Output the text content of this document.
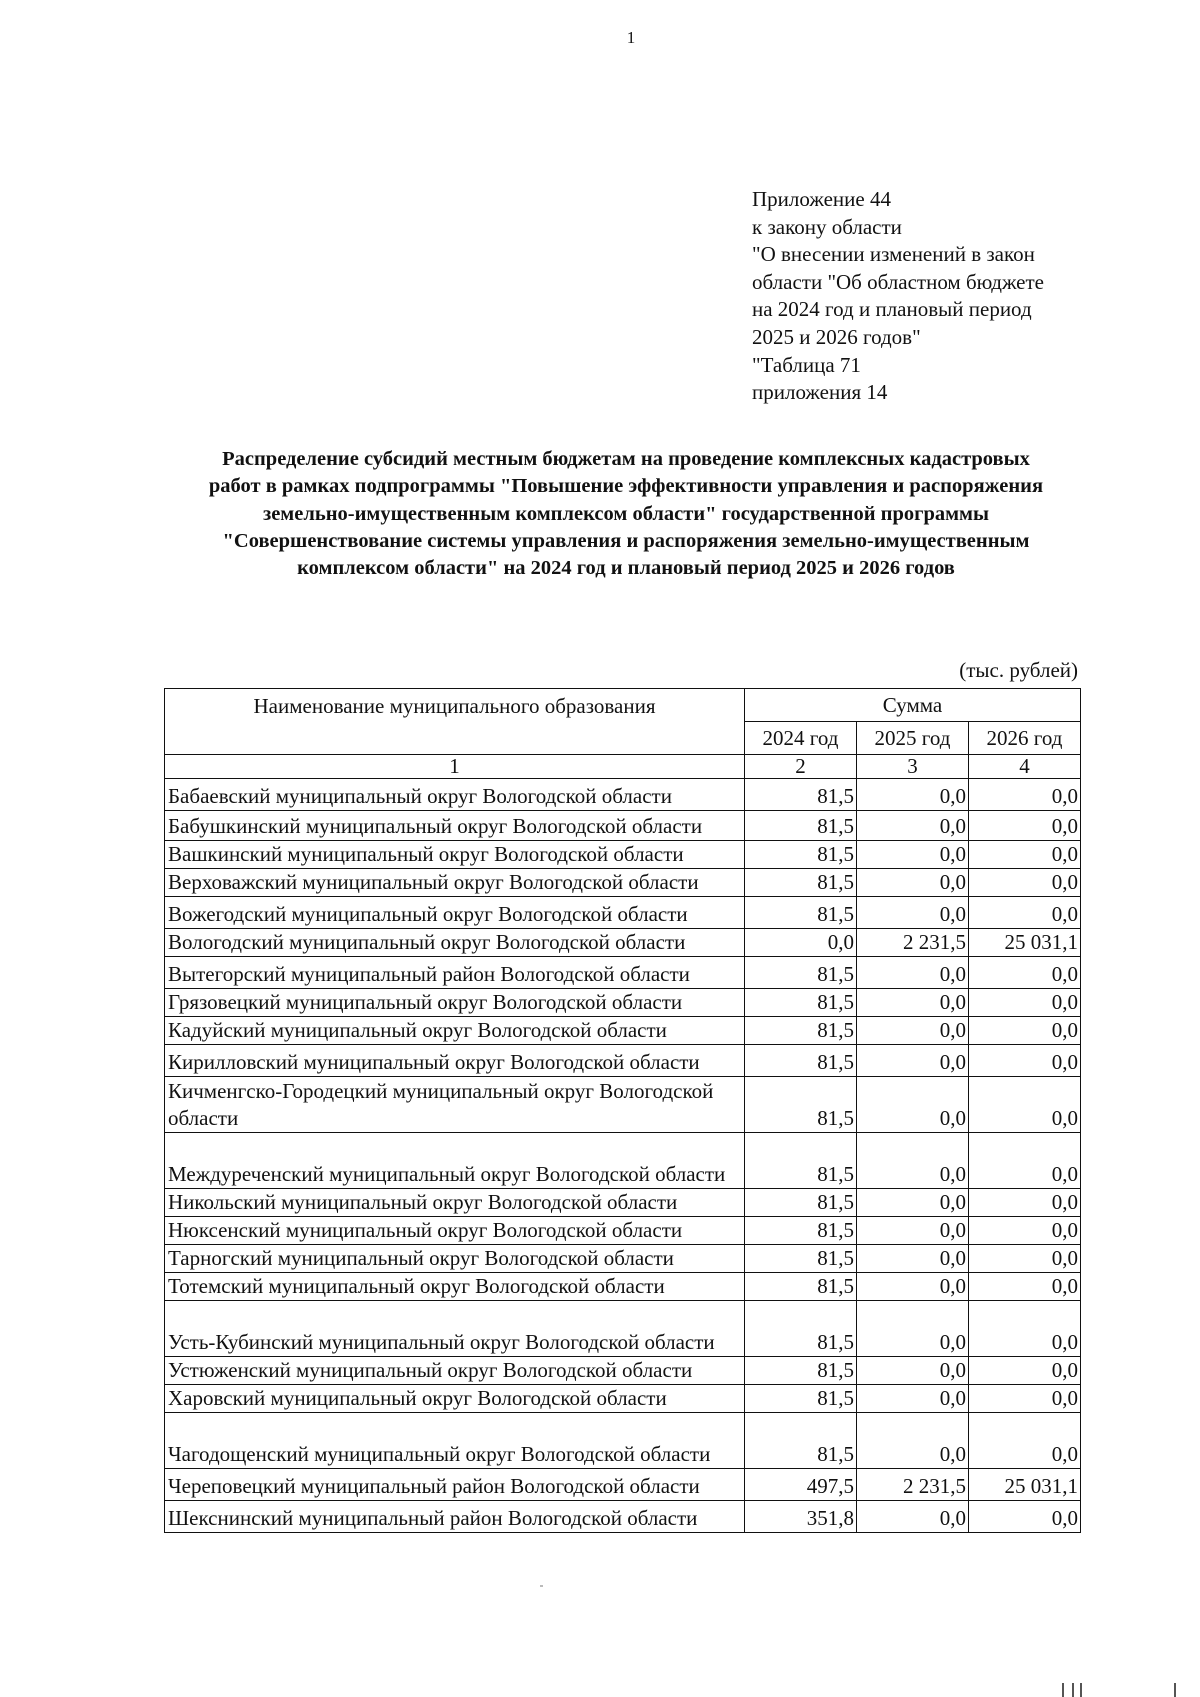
1
Приложение 44
к закону области
"О внесении изменений в закон
области "Об областном бюджете
на 2024 год и плановый период
2025 и 2026 годов"
"Таблица 71
приложения 14
Распределение субсидий местным бюджетам на проведение комплексных кадастровых
работ в рамках подпрограммы "Повышение эффективности управления и распоряжения
земельно-имущественным комплексом области" государственной программы
"Совершенствование системы управления и распоряжения земельно-имущественным
комплексом области" на 2024 год и плановый период 2025 и 2026 годов
(тыс. рублей)
Наименование муниципального образования	Сумма		
	2024 год	2025 год	2026 год
1	2	3	4
Бабаевский муниципальный округ Вологодской области	81,5	0,0	0,0
Бабушкинский муниципальный округ Вологодской области	81,5	0,0	0,0
Вашкинский муниципальный округ Вологодской области	81,5	0,0	0,0
Верховажский муниципальный округ Вологодской области	81,5	0,0	0,0
Вожегодский муниципальный округ Вологодской области	81,5	0,0	0,0
Вологодский муниципальный округ Вологодской области	0,0	2 231,5	25 031,1
Вытегорский муниципальный район Вологодской области	81,5	0,0	0,0
Грязовецкий муниципальный округ Вологодской области	81,5	0,0	0,0
Кадуйский муниципальный округ Вологодской области	81,5	0,0	0,0
Кирилловский муниципальный округ Вологодской области	81,5	0,0	0,0
Кичменгско-Городецкий муниципальный округ Вологодской области	81,5	0,0	0,0
Междуреченский муниципальный округ Вологодской области	81,5	0,0	0,0
Никольский муниципальный округ Вологодской области	81,5	0,0	0,0
Нюксенский муниципальный округ Вологодской области	81,5	0,0	0,0
Тарногский муниципальный округ Вологодской области	81,5	0,0	0,0
Тотемский муниципальный округ Вологодской области	81,5	0,0	0,0
Усть-Кубинский муниципальный округ Вологодской области	81,5	0,0	0,0
Устюженский муниципальный округ Вологодской области	81,5	0,0	0,0
Харовский муниципальный округ Вологодской области	81,5	0,0	0,0
Чагодощенский муниципальный округ Вологодской области	81,5	0,0	0,0
Череповецкий муниципальный район Вологодской области	497,5	2 231,5	25 031,1
Шекснинский муниципальный район Вологодской области	351,8	0,0	0,0
